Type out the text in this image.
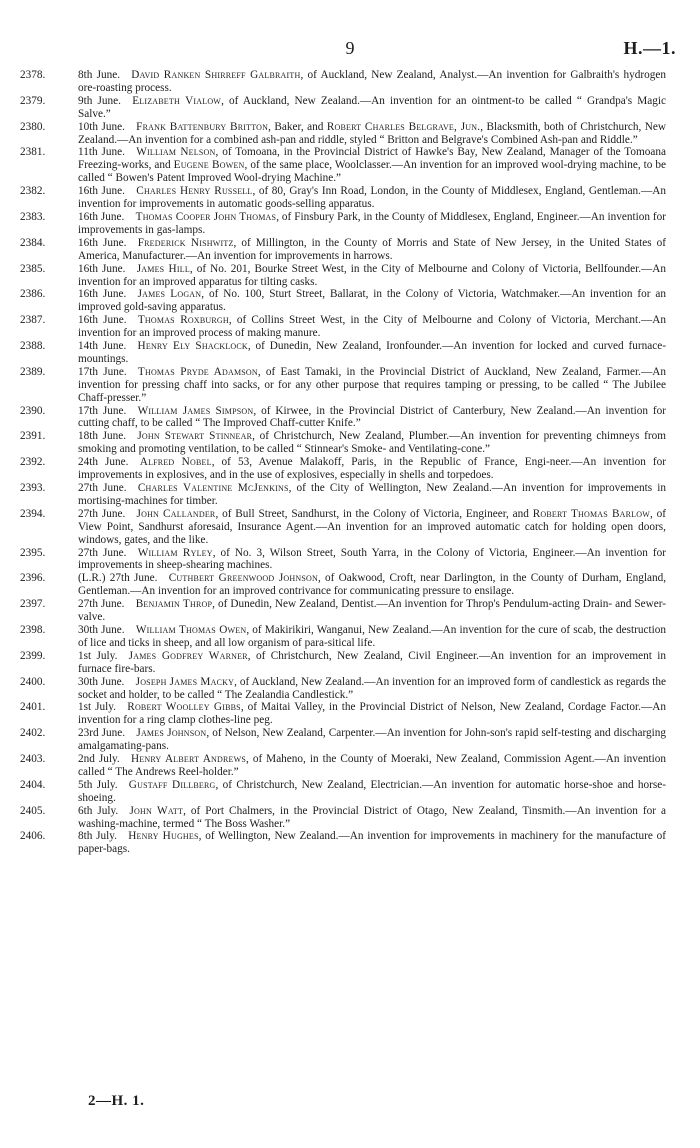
9	H.—1.
2378.	8th June.  David Ranken Shirreff Galbraith, of Auckland, New Zealand, Analyst.—An invention for Galbraith's hydrogen ore-roasting process.
2379.	9th June.  Elizabeth Vialow, of Auckland, New Zealand.—An invention for an ointment-to be called “ Grandpa's Magic Salve.”
2380.	10th June.  Frank Battenbury Britton, Baker, and Robert Charles Belgrave, Jun., Blacksmith, both of Christchurch, New Zealand.—An invention for a combined ash-pan and riddle, styled “ Britton and Belgrave's Combined Ash-pan and Riddle.”
2381.	11th June.  William Nelson, of Tomoana, in the Provincial District of Hawke's Bay, New Zealand, Manager of the Tomoana Freezing-works, and Eugene Bowen, of the same place, Woolclasser.—An invention for an improved wool-drying machine, to be called “ Bowen's Patent Improved Wool-drying Machine.”
2382.	16th June.  Charles Henry Russell, of 80, Gray's Inn Road, London, in the County of Middlesex, England, Gentleman.—An invention for improvements in automatic goods-selling apparatus.
2383.	16th June.  Thomas Cooper John Thomas, of Finsbury Park, in the County of Middlesex, England, Engineer.—An invention for improvements in gas-lamps.
2384.	16th June.  Frederick Nishwitz, of Millington, in the County of Morris and State of New Jersey, in the United States of America, Manufacturer.—An invention for improvements in harrows.
2385.	16th June.  James Hill, of No. 201, Bourke Street West, in the City of Melbourne and Colony of Victoria, Bellfounder.—An invention for an improved apparatus for tilting casks.
2386.	16th June.  James Logan, of No. 100, Sturt Street, Ballarat, in the Colony of Victoria, Watchmaker.—An invention for an improved gold-saving apparatus.
2387.	16th June.  Thomas Roxburgh, of Collins Street West, in the City of Melbourne and Colony of Victoria, Merchant.—An invention for an improved process of making manure.
2388.	14th June.  Henry Ely Shacklock, of Dunedin, New Zealand, Ironfounder.—An invention for locked and curved furnace-mountings.
2389.	17th June.  Thomas Pryde Adamson, of East Tamaki, in the Provincial District of Auckland, New Zealand, Farmer.—An invention for pressing chaff into sacks, or for any other purpose that requires tamping or pressing, to be called “ The Jubilee Chaff-presser.”
2390.	17th June.  William James Simpson, of Kirwee, in the Provincial District of Canterbury, New Zealand.—An invention for cutting chaff, to be called “ The Improved Chaff-cutter Knife.”
2391.	18th June.  John Stewart Stinnear, of Christchurch, New Zealand, Plumber.—An invention for preventing chimneys from smoking and promoting ventilation, to be called “ Stinnear's Smoke- and Ventilating-cone.”
2392.	24th June.  Alfred Nobel, of 53, Avenue Malakoff, Paris, in the Republic of France, Engi-neer.—An invention for improvements in explosives, and in the use of explosives, especially in shells and torpedoes.
2393.	27th June.  Charles Valentine McJenkins, of the City of Wellington, New Zealand.—An invention for improvements in mortising-machines for timber.
2394.	27th June.  John Callander, of Bull Street, Sandhurst, in the Colony of Victoria, Engineer, and Robert Thomas Barlow, of View Point, Sandhurst aforesaid, Insurance Agent.—An invention for an improved automatic catch for holding open doors, windows, gates, and the like.
2395.	27th June.  William Ryley, of No. 3, Wilson Street, South Yarra, in the Colony of Victoria, Engineer.—An invention for improvements in sheep-shearing machines.
2396.	(L.R.) 27th June.  Cuthbert Greenwood Johnson, of Oakwood, Croft, near Darlington, in the County of Durham, England, Gentleman.—An invention for an improved contrivance for communicating pressure to ensilage.
2397.	27th June.  Benjamin Throp, of Dunedin, New Zealand, Dentist.—An invention for Throp's Pendulum-acting Drain- and Sewer-valve.
2398.	30th June.  William Thomas Owen, of Makirikiri, Wanganui, New Zealand.—An invention for the cure of scab, the destruction of lice and ticks in sheep, and all low organism of para-sitical life.
2399.	1st July.  James Godfrey Warner, of Christchurch, New Zealand, Civil Engineer.—An invention for an improvement in furnace fire-bars.
2400.	30th June.  Joseph James Macky, of Auckland, New Zealand.—An invention for an improved form of candlestick as regards the socket and holder, to be called “ The Zealandia Candlestick.”
2401.	1st July.  Robert Woolley Gibbs, of Maitai Valley, in the Provincial District of Nelson, New Zealand, Cordage Factor.—An invention for a ring clamp clothes-line peg.
2402.	23rd June.  James Johnson, of Nelson, New Zealand, Carpenter.—An invention for John-son's rapid self-testing and discharging amalgamating-pans.
2403.	2nd July.  Henry Albert Andrews, of Maheno, in the County of Moeraki, New Zealand, Commission Agent.—An invention called “ The Andrews Reel-holder.”
2404.	5th July.  Gustaff Dillberg, of Christchurch, New Zealand, Electrician.—An invention for automatic horse-shoe and horse-shoeing.
2405.	6th July.  John Watt, of Port Chalmers, in the Provincial District of Otago, New Zealand, Tinsmith.—An invention for a washing-machine, termed “ The Boss Washer.”
2406.	8th July.  Henry Hughes, of Wellington, New Zealand.—An invention for improvements in machinery for the manufacture of paper-bags.
2—H. 1.
